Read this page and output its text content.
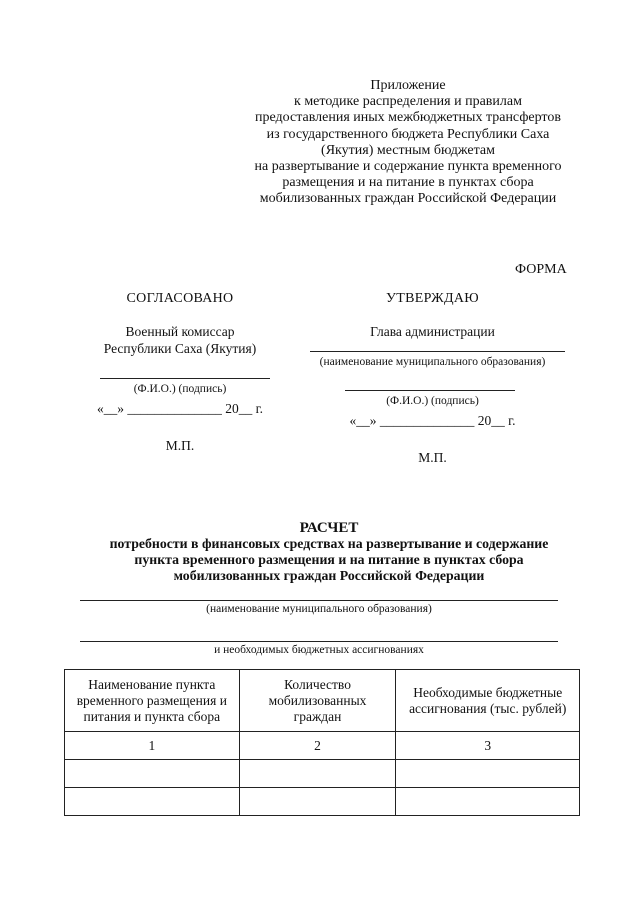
Приложение
к методике распределения и правилам
предоставления иных межбюджетных трансфертов
из государственного бюджета Республики Саха
(Якутия) местным бюджетам
на развертывание и содержание пункта временного
размещения и на питание в пунктах сбора
мобилизованных граждан Российской Федерации
ФОРМА
СОГЛАСОВАНО
Военный комиссар
Республики Саха (Якутия)
(Ф.И.О.) (подпись)
«__» ______________ 20__ г.
М.П.
УТВЕРЖДАЮ
Глава администрации
(наименование муниципального образования)
(Ф.И.О.) (подпись)
«__» ______________ 20__ г.
М.П.
РАСЧЕТ
потребности в финансовых средствах на развертывание и содержание
пункта временного размещения и на питание в пунктах сбора
мобилизованных граждан Российской Федерации
(наименование муниципального образования)
и необходимых бюджетных ассигнованиях
Наименование пункта временного размещения и питания и пункта сбора	Количество мобилизованных граждан	Необходимые бюджетные ассигнования (тыс. рублей)
1	2	3
